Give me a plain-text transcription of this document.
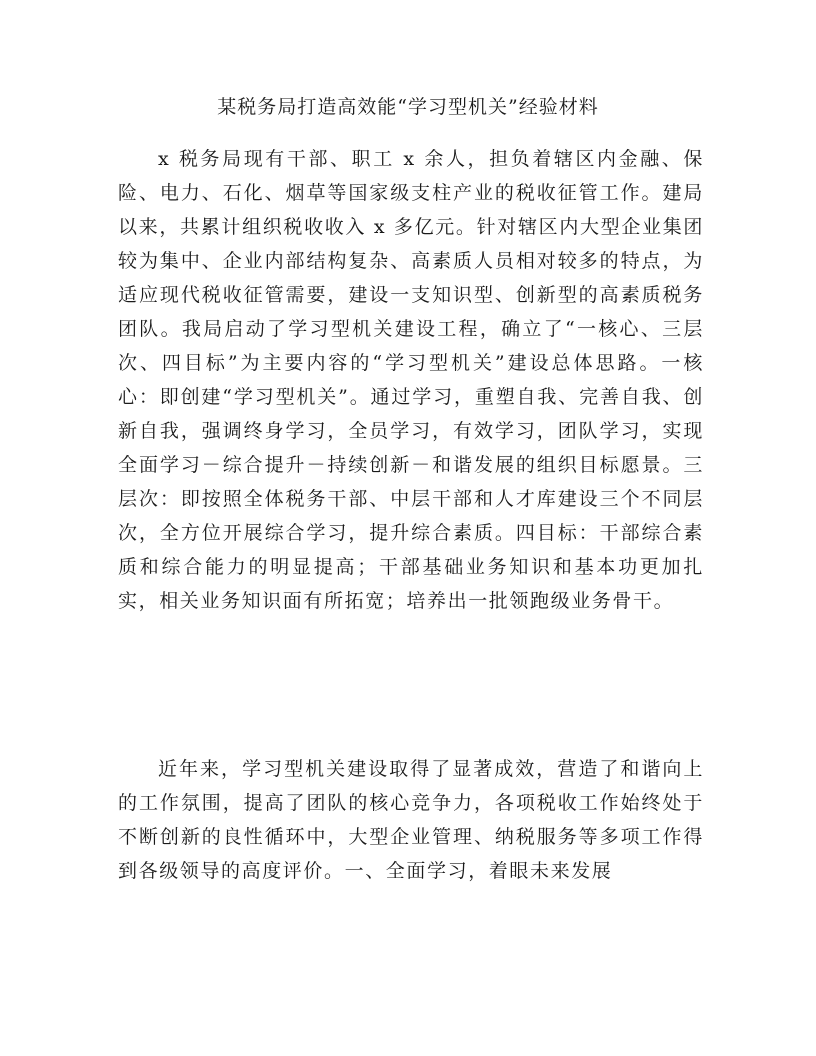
某税务局打造高效能“学习型机关”经验材料

x 税务局现有干部、职工 x 余人，担负着辖区内金融、保险、电力、石化、烟草等国家级支柱产业的税收征管工作。建局以来，共累计组织税收收入 x 多亿元。针对辖区内大型企业集团较为集中、企业内部结构复杂、高素质人员相对较多的特点，为适应现代税收征管需要，建设一支知识型、创新型的高素质税务团队。我局启动了学习型机关建设工程，确立了“一核心、三层次、四目标”为主要内容的“学习型机关”建设总体思路。一核心：即创建“学习型机关”。通过学习，重塑自我、完善自我、创新自我，强调终身学习，全员学习，有效学习，团队学习，实现全面学习－综合提升－持续创新－和谐发展的组织目标愿景。三层次：即按照全体税务干部、中层干部和人才库建设三个不同层次，全方位开展综合学习，提升综合素质。四目标：干部综合素质和综合能力的明显提高；干部基础业务知识和基本功更加扎实，相关业务知识面有所拓宽；培养出一批领跑级业务骨干。

近年来，学习型机关建设取得了显著成效，营造了和谐向上的工作氛围，提高了团队的核心竞争力，各项税收工作始终处于不断创新的良性循环中，大型企业管理、纳税服务等多项工作得到各级领导的高度评价。一、全面学习，着眼未来发展
